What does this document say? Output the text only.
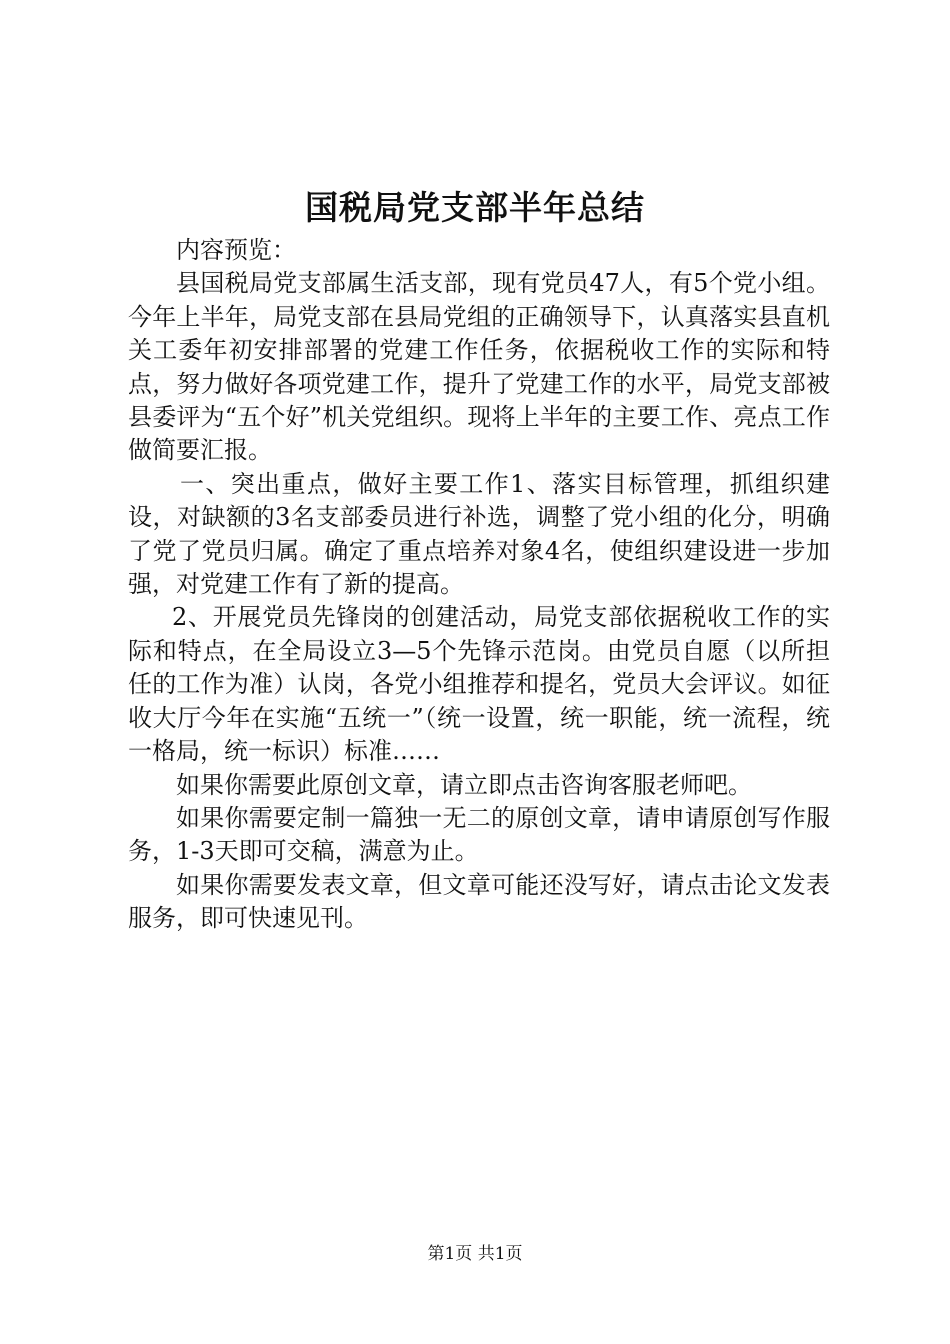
国税局党支部半年总结

内容预览：

县国税局党支部属生活支部，现有党员47人，有5个党小组。今年上半年，局党支部在县局党组的正确领导下，认真落实县直机关工委年初安排部署的党建工作任务，依据税收工作的实际和特点，努力做好各项党建工作，提升了党建工作的水平，局党支部被县委评为“五个好”机关党组织。现将上半年的主要工作、亮点工作做简要汇报。

一、突出重点，做好主要工作1、落实目标管理，抓组织建设，对缺额的3名支部委员进行补选，调整了党小组的化分，明确了党了党员归属。确定了重点培养对象4名，使组织建设进一步加强，对党建工作有了新的提高。

2、开展党员先锋岗的创建活动，局党支部依据税收工作的实际和特点，在全局设立3—5个先锋示范岗。由党员自愿（以所担任的工作为准）认岗，各党小组推荐和提名，党员大会评议。如征收大厅今年在实施“五统一”（统一设置，统一职能，统一流程，统一格局，统一标识）标准……

如果你需要此原创文章，请立即点击咨询客服老师吧。

如果你需要定制一篇独一无二的原创文章，请申请原创写作服务，1-3天即可交稿，满意为止。

如果你需要发表文章，但文章可能还没写好，请点击论文发表服务，即可快速见刊。

第1页 共1页
